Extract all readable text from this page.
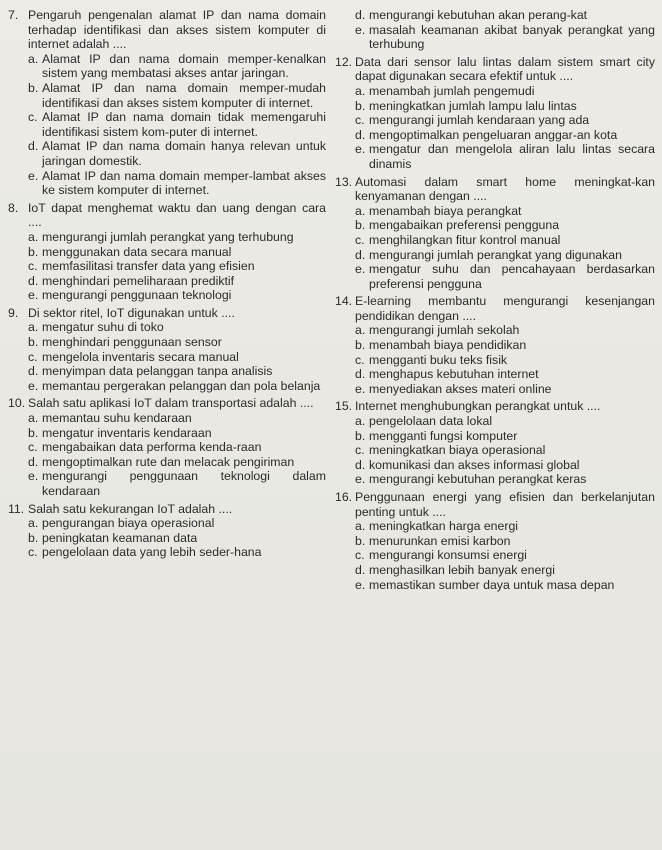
7. Pengaruh pengenalan alamat IP dan nama domain terhadap identifikasi dan akses sistem komputer di internet adalah ....
a. Alamat IP dan nama domain memper-kenalkan sistem yang membatasi akses antar jaringan.
b. Alamat IP dan nama domain memper-mudah identifikasi dan akses sistem komputer di internet.
c. Alamat IP dan nama domain tidak memengaruhi identifikasi sistem kom-puter di internet.
d. Alamat IP dan nama domain hanya relevan untuk jaringan domestik.
e. Alamat IP dan nama domain memper-lambat akses ke sistem komputer di internet.
8. IoT dapat menghemat waktu dan uang dengan cara ....
a. mengurangi jumlah perangkat yang terhubung
b. menggunakan data secara manual
c. memfasilitasi transfer data yang efisien
d. menghindari pemeliharaan prediktif
e. mengurangi penggunaan teknologi
9. Di sektor ritel, IoT digunakan untuk ....
a. mengatur suhu di toko
b. menghindari penggunaan sensor
c. mengelola inventaris secara manual
d. menyimpan data pelanggan tanpa analisis
e. memantau pergerakan pelanggan dan pola belanja
10. Salah satu aplikasi IoT dalam transportasi adalah ....
a. memantau suhu kendaraan
b. mengatur inventaris kendaraan
c. mengabaikan data performa kenda-raan
d. mengoptimalkan rute dan melacak pengiriman
e. mengurangi penggunaan teknologi dalam kendaraan
11. Salah satu kekurangan IoT adalah ....
a. pengurangan biaya operasional
b. peningkatan keamanan data
c. pengelolaan data yang lebih seder-hana
d. mengurangi kebutuhan akan perang-kat
e. masalah keamanan akibat banyak perangkat yang terhubung
12. Data dari sensor lalu lintas dalam sistem smart city dapat digunakan secara efektif untuk ....
a. menambah jumlah pengemudi
b. meningkatkan jumlah lampu lalu lintas
c. mengurangi jumlah kendaraan yang ada
d. mengoptimalkan pengeluaran anggar-an kota
e. mengatur dan mengelola aliran lalu lintas secara dinamis
13. Automasi dalam smart home meningkat-kan kenyamanan dengan ....
a. menambah biaya perangkat
b. mengabaikan preferensi pengguna
c. menghilangkan fitur kontrol manual
d. mengurangi jumlah perangkat yang digunakan
e. mengatur suhu dan pencahayaan berdasarkan preferensi pengguna
14. E-learning membantu mengurangi kesenjangan pendidikan dengan ....
a. mengurangi jumlah sekolah
b. menambah biaya pendidikan
c. mengganti buku teks fisik
d. menghapus kebutuhan internet
e. menyediakan akses materi online
15. Internet menghubungkan perangkat untuk ....
a. pengelolaan data lokal
b. mengganti fungsi komputer
c. meningkatkan biaya operasional
d. komunikasi dan akses informasi global
e. mengurangi kebutuhan perangkat keras
16. Penggunaan energi yang efisien dan berkelanjutan penting untuk ....
a. meningkatkan harga energi
b. menurunkan emisi karbon
c. mengurangi konsumsi energi
d. menghasilkan lebih banyak energi
e. memastikan sumber daya untuk masa depan
